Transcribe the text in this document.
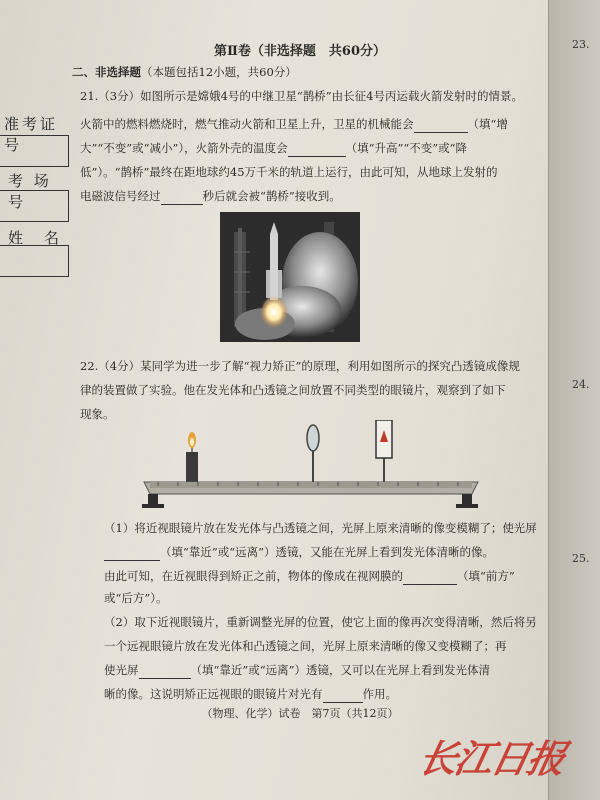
23.
24.
25.
准考证号
考 场 号
姓　名
第Ⅱ卷（非选择题　共60分）
二、非选择题（本题包括12小题，共60分）
21.（3分）如图所示是嫦娥4号的中继卫星“鹊桥”由长征4号丙运载火箭发射时的情景。
火箭中的燃料燃烧时，燃气推动火箭和卫星上升，卫星的机械能会	（填“增
大”“不变”或“减小”），火箭外壳的温度会	（填“升高”“不变”或“降
低”）。“鹊桥”最终在距地球约45万千米的轨道上运行，由此可知，从地球上发射的
电磁波信号经过	秒后就会被“鹊桥”接收到。
22.（4分）某同学为进一步了解“视力矫正”的原理，利用如图所示的探究凸透镜成像规
律的装置做了实验。他在发光体和凸透镜之间放置不同类型的眼镜片，观察到了如下
现象。
（1）将近视眼镜片放在发光体与凸透镜之间，光屏上原来清晰的像变模糊了；使光屏
（填“靠近”或“远离”）透镜，又能在光屏上看到发光体清晰的像。
由此可知，在近视眼得到矫正之前，物体的像成在视网膜的	（填“前方”
或“后方”）。
（2）取下近视眼镜片，重新调整光屏的位置，使它上面的像再次变得清晰，然后将另
一个远视眼镜片放在发光体和凸透镜之间，光屏上原来清晰的像又变模糊了；再
使光屏	（填“靠近”或“远离”）透镜，又可以在光屏上看到发光体清
晰的像。这说明矫正远视眼的眼镜片对光有	作用。
（物理、化学）试卷　第7页（共12页）
长江日报
